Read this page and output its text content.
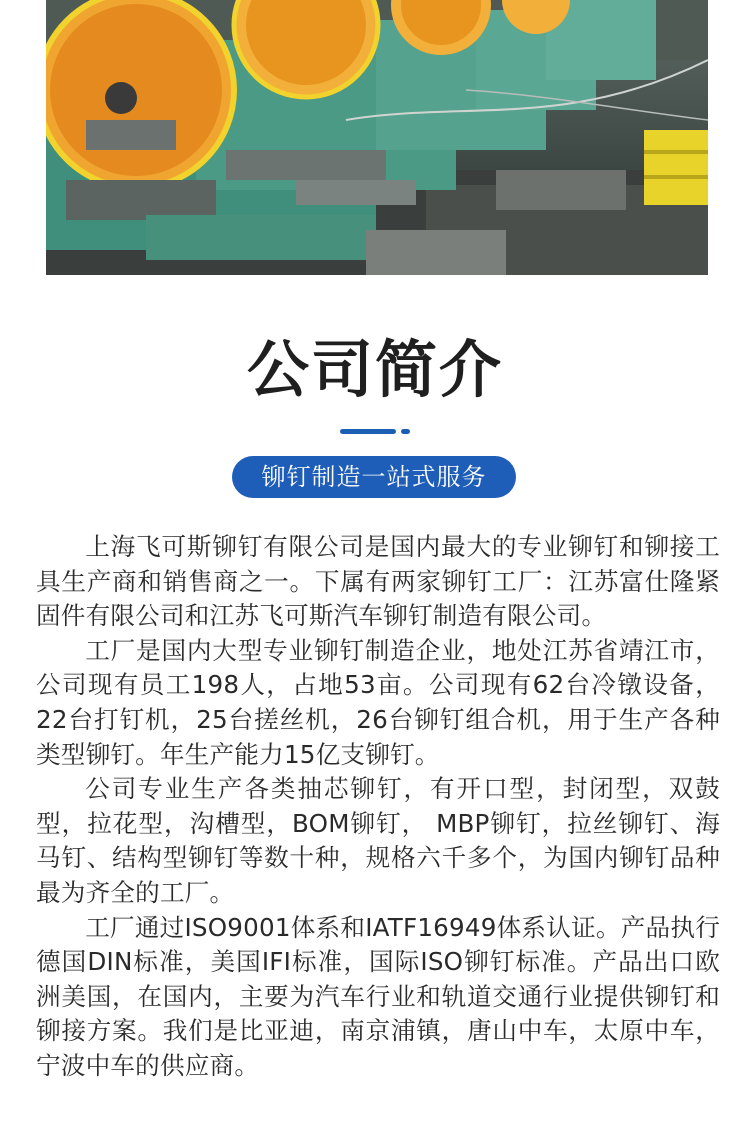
公司简介
铆钉制造一站式服务

上海飞可斯铆钉有限公司是国内最大的专业铆钉和铆接工具生产商和销售商之一。下属有两家铆钉工厂：江苏富仕隆紧固件有限公司和江苏飞可斯汽车铆钉制造有限公司。

工厂是国内大型专业铆钉制造企业，地处江苏省靖江市，公司现有员工198人，占地53亩。公司现有62台冷镦设备，22台打钉机，25台搓丝机，26台铆钉组合机，用于生产各种类型铆钉。年生产能力15亿支铆钉。

公司专业生产各类抽芯铆钉，有开口型，封闭型，双鼓型，拉花型，沟槽型，BOM铆钉， MBP铆钉，拉丝铆钉、海马钉、结构型铆钉等数十种，规格六千多个，为国内铆钉品种最为齐全的工厂。

工厂通过ISO9001体系和IATF16949体系认证。产品执行德国DIN标准，美国IFI标准，国际ISO铆钉标准。产品出口欧洲美国，在国内，主要为汽车行业和轨道交通行业提供铆钉和铆接方案。我们是比亚迪，南京浦镇，唐山中车，太原中车，宁波中车的供应商。
